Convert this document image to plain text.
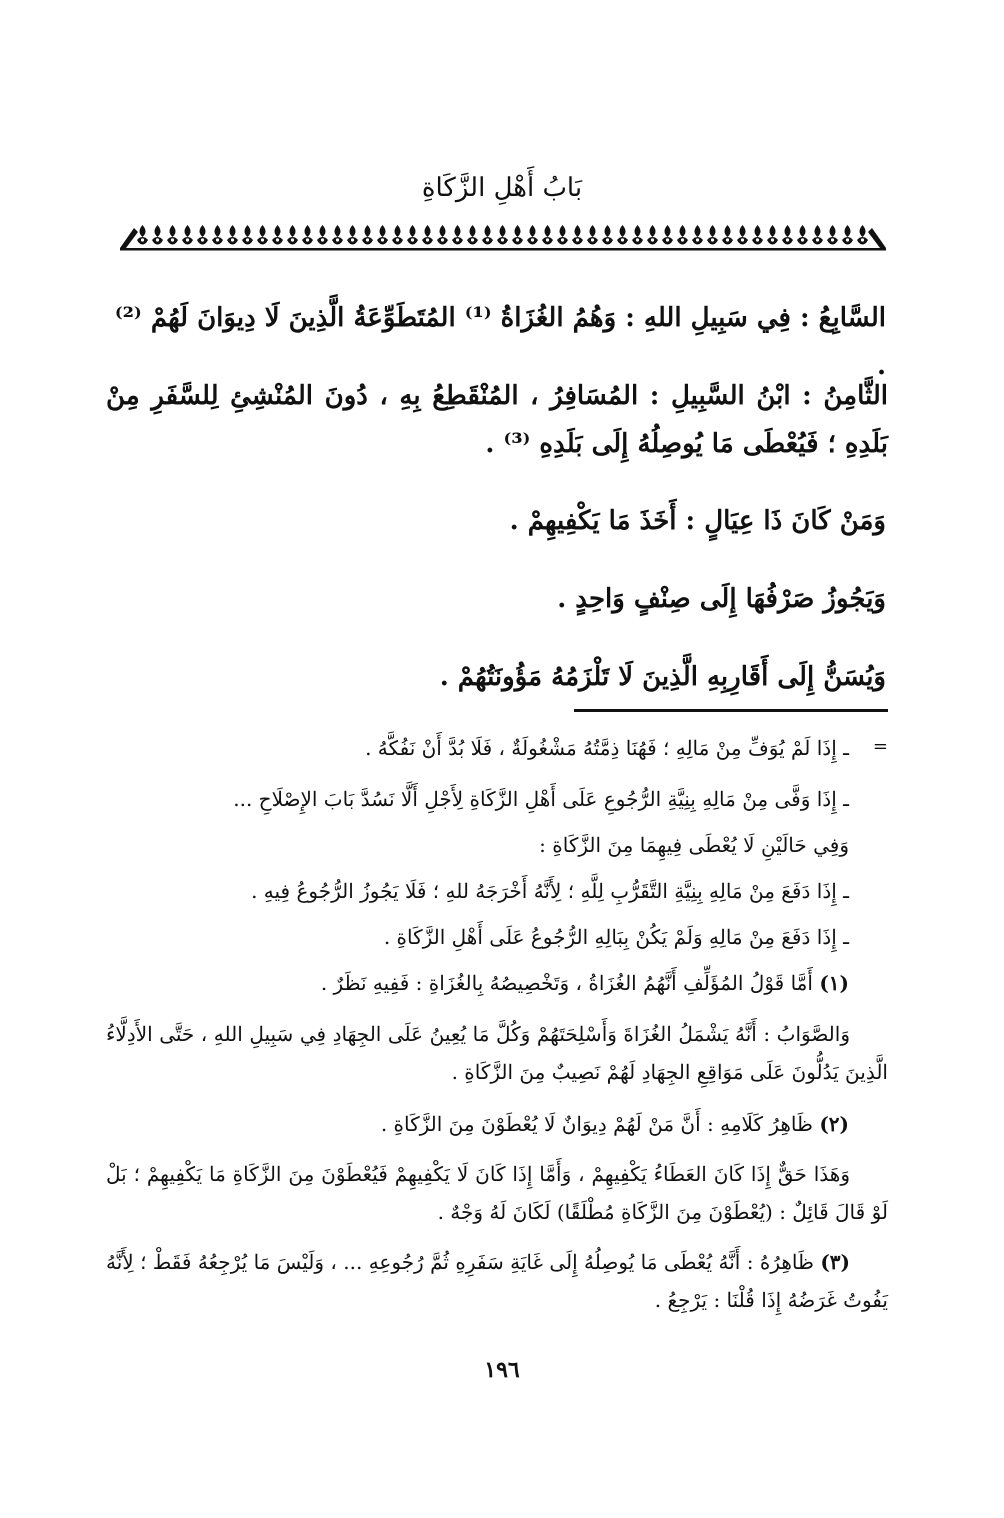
بَابُ أَهْلِ الزَّكَاةِ

السَّابِعُ : فِي سَبِيلِ اللهِ : وَهُمُ الغُزَاةُ ⁽¹⁾ المُتَطَوِّعَةُ الَّذِينَ لَا دِيوَانَ لَهُمْ ⁽²⁾ .

الثَّامِنُ : ابْنُ السَّبِيلِ : المُسَافِرُ ، المُنْقَطِعُ بِهِ ، دُونَ المُنْشِئِ لِلسَّفَرِ مِنْ بَلَدِهِ ؛ فَيُعْطَى مَا يُوصِلُهُ إِلَى بَلَدِهِ ⁽³⁾ .

وَمَنْ كَانَ ذَا عِيَالٍ : أَخَذَ مَا يَكْفِيهِمْ .

وَيَجُوزُ صَرْفُهَا إِلَى صِنْفٍ وَاحِدٍ .

وَيُسَنُّ إِلَى أَقَارِبِهِ الَّذِينَ لَا تَلْزَمُهُ مَؤُونَتُهُمْ .

=

ـ إِذَا لَمْ يُوَفِّ مِنْ مَالِهِ ؛ فَهُنَا ذِمَّتُهُ مَشْغُولَةٌ ، فَلَا بُدَّ أَنْ نَفُكَّهُ .

ـ إِذَا وَفَّى مِنْ مَالِهِ بِنِيَّةِ الرُّجُوعِ عَلَى أَهْلِ الزَّكَاةِ لِأَجْلِ أَلَّا نَسُدَّ بَابَ الإِصْلَاحِ ...

وَفِي حَالَيْنِ لَا يُعْطَى فِيهِمَا مِنَ الزَّكَاةِ :

ـ إِذَا دَفَعَ مِنْ مَالِهِ بِنِيَّةِ التَّقَرُّبِ لِلَّهِ ؛ لِأَنَّهُ أَخْرَجَهُ للهِ ؛ فَلَا يَجُوزُ الرُّجُوعُ فِيهِ .

ـ إِذَا دَفَعَ مِنْ مَالِهِ وَلَمْ يَكُنْ بِبَالِهِ الرُّجُوعُ عَلَى أَهْلِ الزَّكَاةِ .

(١) أَمَّا قَوْلُ المُؤَلِّفِ أَنَّهُمُ الغُزَاةُ ، وَتَخْصِيصُهُ بِالغُزَاةِ : فَفِيهِ نَظَرٌ .

وَالصَّوَابُ : أَنَّهُ يَشْمَلُ الغُزَاةَ وَأَسْلِحَتَهُمْ وَكُلَّ مَا يُعِينُ عَلَى الجِهَادِ فِي سَبِيلِ اللهِ ، حَتَّى الأَدِلَّاءُ الَّذِينَ يَدُلُّونَ عَلَى مَوَاقِعِ الجِهَادِ لَهُمْ نَصِيبٌ مِنَ الزَّكَاةِ .

(٢) ظَاهِرُ كَلَامِهِ : أَنَّ مَنْ لَهُمْ دِيوَانٌ لَا يُعْطَوْنَ مِنَ الزَّكَاةِ .

وَهَذَا حَقٌّ إِذَا كَانَ العَطَاءُ يَكْفِيهِمْ ، وَأَمَّا إِذَا كَانَ لَا يَكْفِيهِمْ فَيُعْطَوْنَ مِنَ الزَّكَاةِ مَا يَكْفِيهِمْ ؛ بَلْ لَوْ قَالَ قَائِلٌ : (يُعْطَوْنَ مِنَ الزَّكَاةِ مُطْلَقًا) لَكَانَ لَهُ وَجْهٌ .

(٣) ظَاهِرُهُ : أَنَّهُ يُعْطَى مَا يُوصِلُهُ إِلَى غَايَةِ سَفَرِهِ ثُمَّ رُجُوعِهِ ... ، وَلَيْسَ مَا يُرْجِعُهُ فَقَطْ ؛ لِأَنَّهُ يَفُوتُ غَرَضُهُ إِذَا قُلْنَا : يَرْجِعُ .

١٩٦
